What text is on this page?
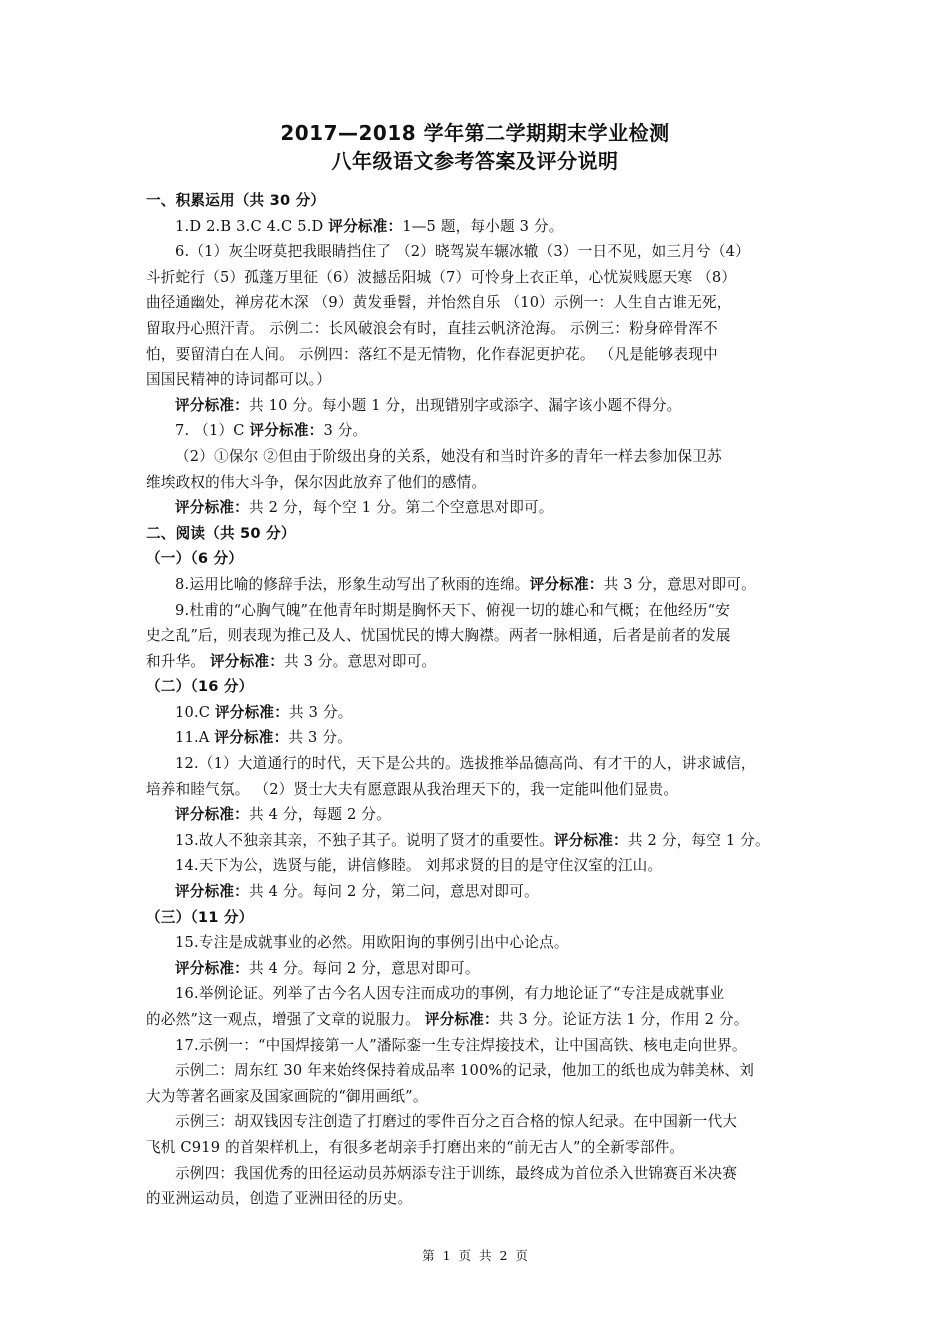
2017—2018 学年第二学期期末学业检测
八年级语文参考答案及评分说明
一、积累运用（共 30 分）
1.D 2.B 3.C 4.C 5.D 评分标准：1—5 题，每小题 3 分。
6.（1）灰尘呀莫把我眼睛挡住了 （2）晓驾炭车辗冰辙（3）一日不见，如三月兮（4）
斗折蛇行（5）孤蓬万里征（6）波撼岳阳城（7）可怜身上衣正单，心忧炭贱愿天寒 （8）
曲径通幽处，禅房花木深 （9）黄发垂髫，并怡然自乐 （10）示例一：人生自古谁无死，
留取丹心照汗青。 示例二：长风破浪会有时，直挂云帆济沧海。 示例三：粉身碎骨浑不
怕，要留清白在人间。 示例四：落红不是无情物，化作春泥更护花。 （凡是能够表现中
国国民精神的诗词都可以。）
评分标准：共 10 分。每小题 1 分，出现错别字或添字、漏字该小题不得分。
7. （1）C 评分标准：3 分。
（2）①保尔 ②但由于阶级出身的关系，她没有和当时许多的青年一样去参加保卫苏
维埃政权的伟大斗争，保尔因此放弃了他们的感情。
评分标准：共 2 分，每个空 1 分。第二个空意思对即可。
二、阅读（共 50 分）
（一）（6 分）
8.运用比喻的修辞手法，形象生动写出了秋雨的连绵。评分标准：共 3 分，意思对即可。
9.杜甫的“心胸气魄”在他青年时期是胸怀天下、俯视一切的雄心和气概；在他经历“安
史之乱”后，则表现为推己及人、忧国忧民的博大胸襟。两者一脉相通，后者是前者的发展
和升华。 评分标准：共 3 分。意思对即可。
（二）（16 分）
10.C 评分标准：共 3 分。
11.A 评分标准：共 3 分。
12.（1）大道通行的时代，天下是公共的。选拔推举品德高尚、有才干的人，讲求诚信，
培养和睦气氛。 （2）贤士大夫有愿意跟从我治理天下的，我一定能叫他们显贵。
评分标准：共 4 分，每题 2 分。
13.故人不独亲其亲，不独子其子。说明了贤才的重要性。评分标准：共 2 分，每空 1 分。
14.天下为公，选贤与能，讲信修睦。 刘邦求贤的目的是守住汉室的江山。
评分标准：共 4 分。每问 2 分，第二问，意思对即可。
（三）（11 分）
15.专注是成就事业的必然。用欧阳询的事例引出中心论点。
评分标准：共 4 分。每问 2 分，意思对即可。
16.举例论证。列举了古今名人因专注而成功的事例，有力地论证了“专注是成就事业
的必然”这一观点，增强了文章的说服力。 评分标准：共 3 分。论证方法 1 分，作用 2 分。
17.示例一：“中国焊接第一人”潘际銮一生专注焊接技术，让中国高铁、核电走向世界。
示例二：周东红 30 年来始终保持着成品率 100%的记录，他加工的纸也成为韩美林、刘
大为等著名画家及国家画院的“御用画纸”。
示例三：胡双钱因专注创造了打磨过的零件百分之百合格的惊人纪录。在中国新一代大
飞机 C919 的首架样机上，有很多老胡亲手打磨出来的“前无古人”的全新零部件。
示例四：我国优秀的田径运动员苏炳添专注于训练，最终成为首位杀入世锦赛百米决赛
的亚洲运动员，创造了亚洲田径的历史。
第 1 页 共 2 页
